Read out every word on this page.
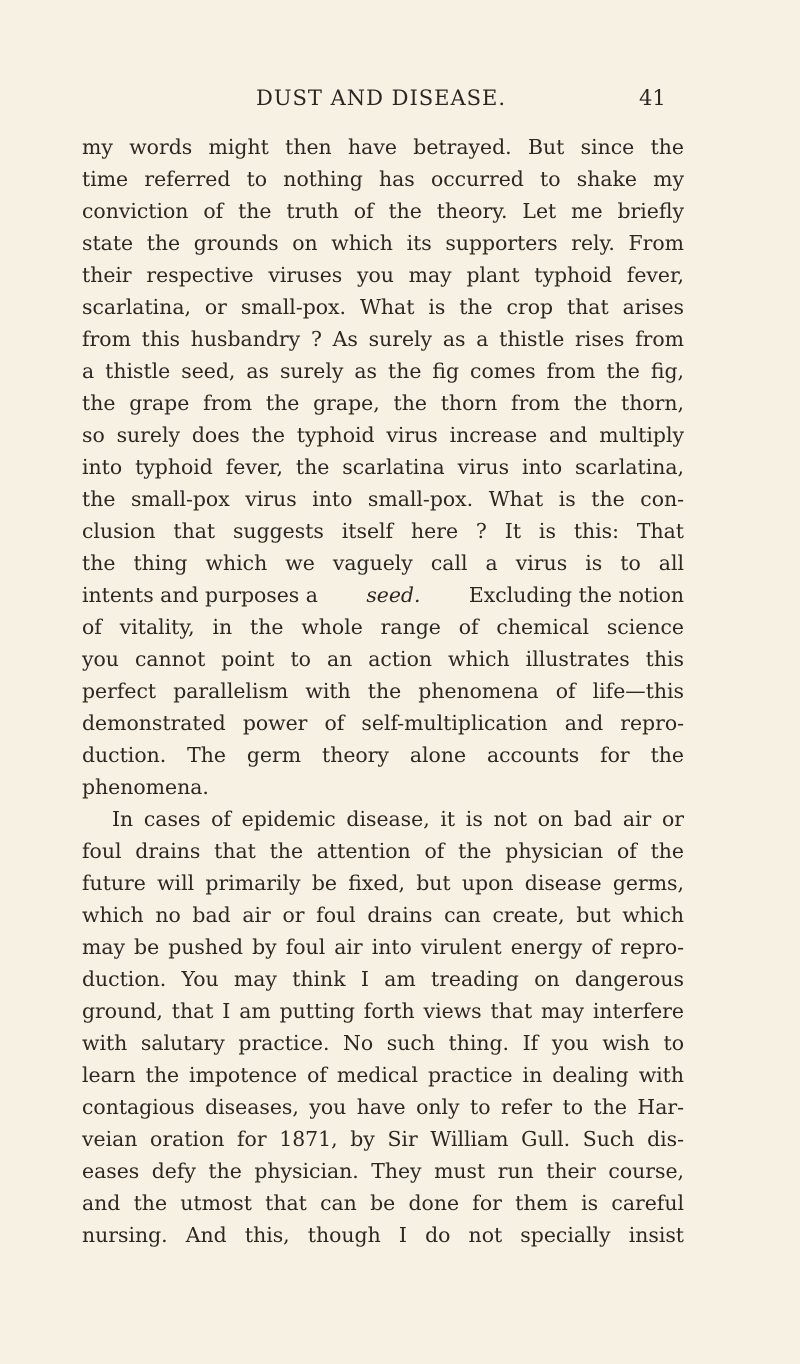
DUST AND DISEASE.	41
my words might then have betrayed. But since the
time referred to nothing has occurred to shake my
conviction of the truth of the theory. Let me briefly
state the grounds on which its supporters rely. From
their respective viruses you may plant typhoid fever,
scarlatina, or small-pox. What is the crop that arises
from this husbandry ? As surely as a thistle rises from
a thistle seed, as surely as the fig comes from the fig,
the grape from the grape, the thorn from the thorn,
so surely does the typhoid virus increase and multiply
into typhoid fever, the scarlatina virus into scarlatina,
the small-pox virus into small-pox. What is the con-
clusion that suggests itself here ? It is this: That
the thing which we vaguely call a virus is to all
intents and purposes a seed. Excluding the notion
of vitality, in the whole range of chemical science
you cannot point to an action which illustrates this
perfect parallelism with the phenomena of life—this
demonstrated power of self-multiplication and repro-
duction. The germ theory alone accounts for the
phenomena.
In cases of epidemic disease, it is not on bad air or
foul drains that the attention of the physician of the
future will primarily be fixed, but upon disease germs,
which no bad air or foul drains can create, but which
may be pushed by foul air into virulent energy of repro-
duction. You may think I am treading on dangerous
ground, that I am putting forth views that may interfere
with salutary practice. No such thing. If you wish to
learn the impotence of medical practice in dealing with
contagious diseases, you have only to refer to the Har-
veian oration for 1871, by Sir William Gull. Such dis-
eases defy the physician. They must run their course,
and the utmost that can be done for them is careful
nursing. And this, though I do not specially insist
